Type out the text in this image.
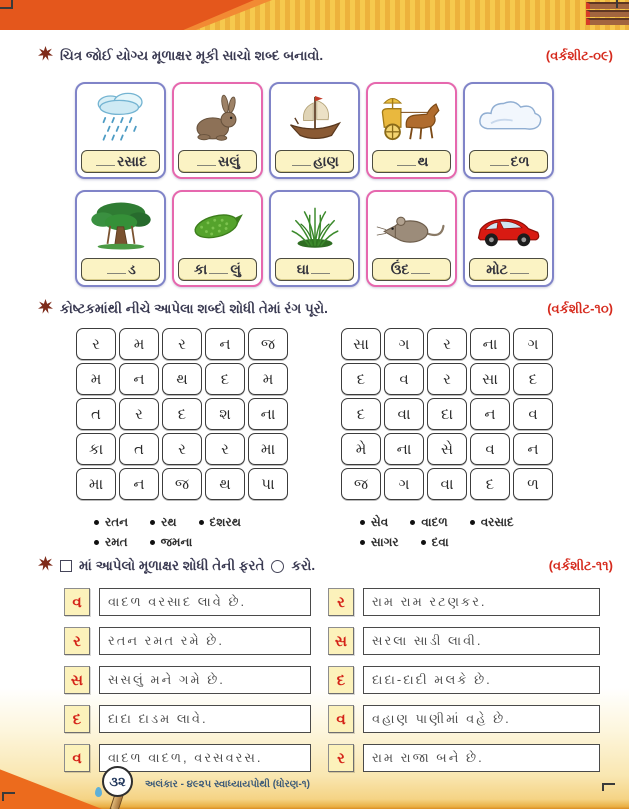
ચિત્ર જોઈ યોગ્ય મૂળાક્ષર મૂકી સાચો શબ્દ બનાવો.	(વર્કશીટ-૦૯)
રસાદ	સલું	હાણ	થ	દળ
ડ	કા લું	ઘા	ઉંદ	મોટ
કોષ્ટકમાંથી નીચે આપેલા શબ્દો શોધી તેમાં રંગ પૂરો.	(વર્કશીટ-૧૦)
ર	મ	ર	ન	જ
મ	ન	થ	દ	મ
ત	ર	દ	શ	ના
કા	ત	ર	ર	મા
મા	ન	જ	થ	પા
સા	ગ	ર	ના	ગ
દ	વ	ર	સા	દ
દ	વા	દા	ન	વ
મે	ના	સે	વ	ન
જ	ગ	વા	દ	ળ
રતન	રથ	દશરથ
રમત	જમના
સેવ	વાદળ	વરસાદ
સાગર	દવા
માં આપેલો મૂળાક્ષર શોધી તેની ફરતે કરો.	(વર્કશીટ-૧૧)
વ	વાદળ વરસાદ લાવે છે.
ર	રતન રમત રમે છે.
સ	સસલું મને ગમે છે.
દ	દાદા દાડમ લાવે.
વ	વાદળ વાદળ, વરસવરસ.
ર	રામ રામ રટણકર.
સ	સરલા સાડી લાવી.
દ	દાદા-દાદી મલકે છે.
વ	વહાણ પાણીમાં વહે છે.
ર	રામ રાજા બને છે.
૩૨	અલંકાર - ૪૯૨૫ સ્વાધ્યાયપોથી (ધોરણ-૧)
